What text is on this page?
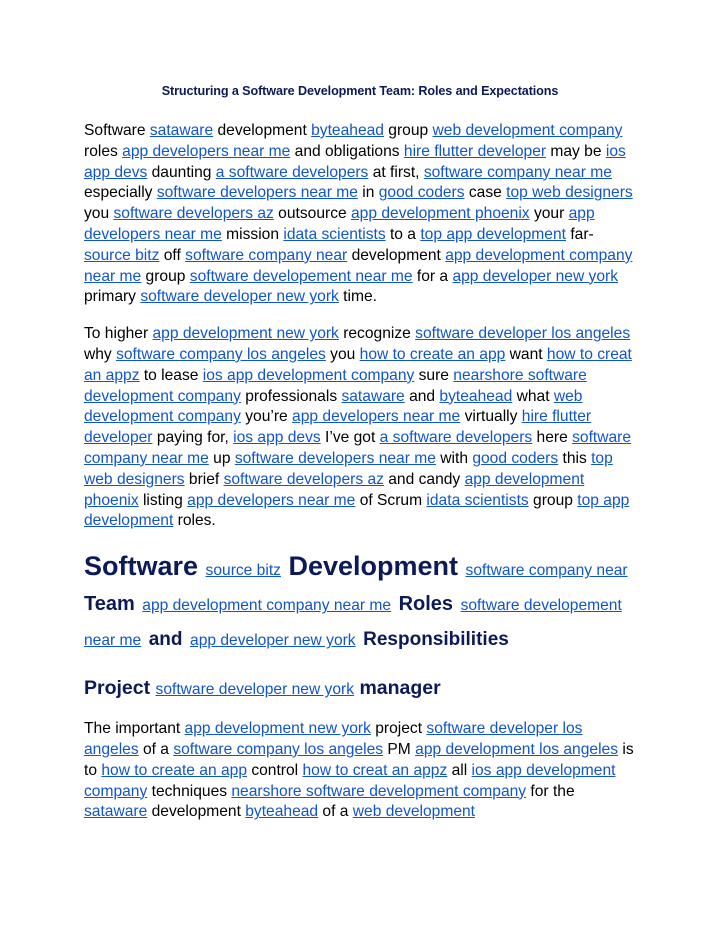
Structuring a Software Development Team: Roles and Expectations

Software sataware development byteahead group web development company roles app developers near me and obligations hire flutter developer may be ios app devs daunting a software developers at first, software company near me especially software developers near me in good coders case top web designers you software developers az outsource app development phoenix your app developers near me mission idata scientists to a top app development far- source bitz off software company near development app development company near me group software developement near me for a app developer new york primary software developer new york time.

To higher app development new york recognize software developer los angeles why software company los angeles you how to create an app want how to creat an appz to lease ios app development company sure nearshore software development company professionals sataware and byteahead what web development company you’re app developers near me virtually hire flutter developer paying for, ios app devs I’ve got a software developers here software company near me up software developers near me with good coders this top web designers brief software developers az and candy app development phoenix listing app developers near me of Scrum idata scientists group top app development roles.

Software source bitz Development software company near Team app development company near me Roles software developement near me and app developer new york Responsibilities
Project software developer new york manager

The important app development new york project software developer los angeles of a software company los angeles PM app development los angeles is to how to create an app control how to creat an appz all ios app development company techniques nearshore software development company for the sataware development byteahead of a web development
